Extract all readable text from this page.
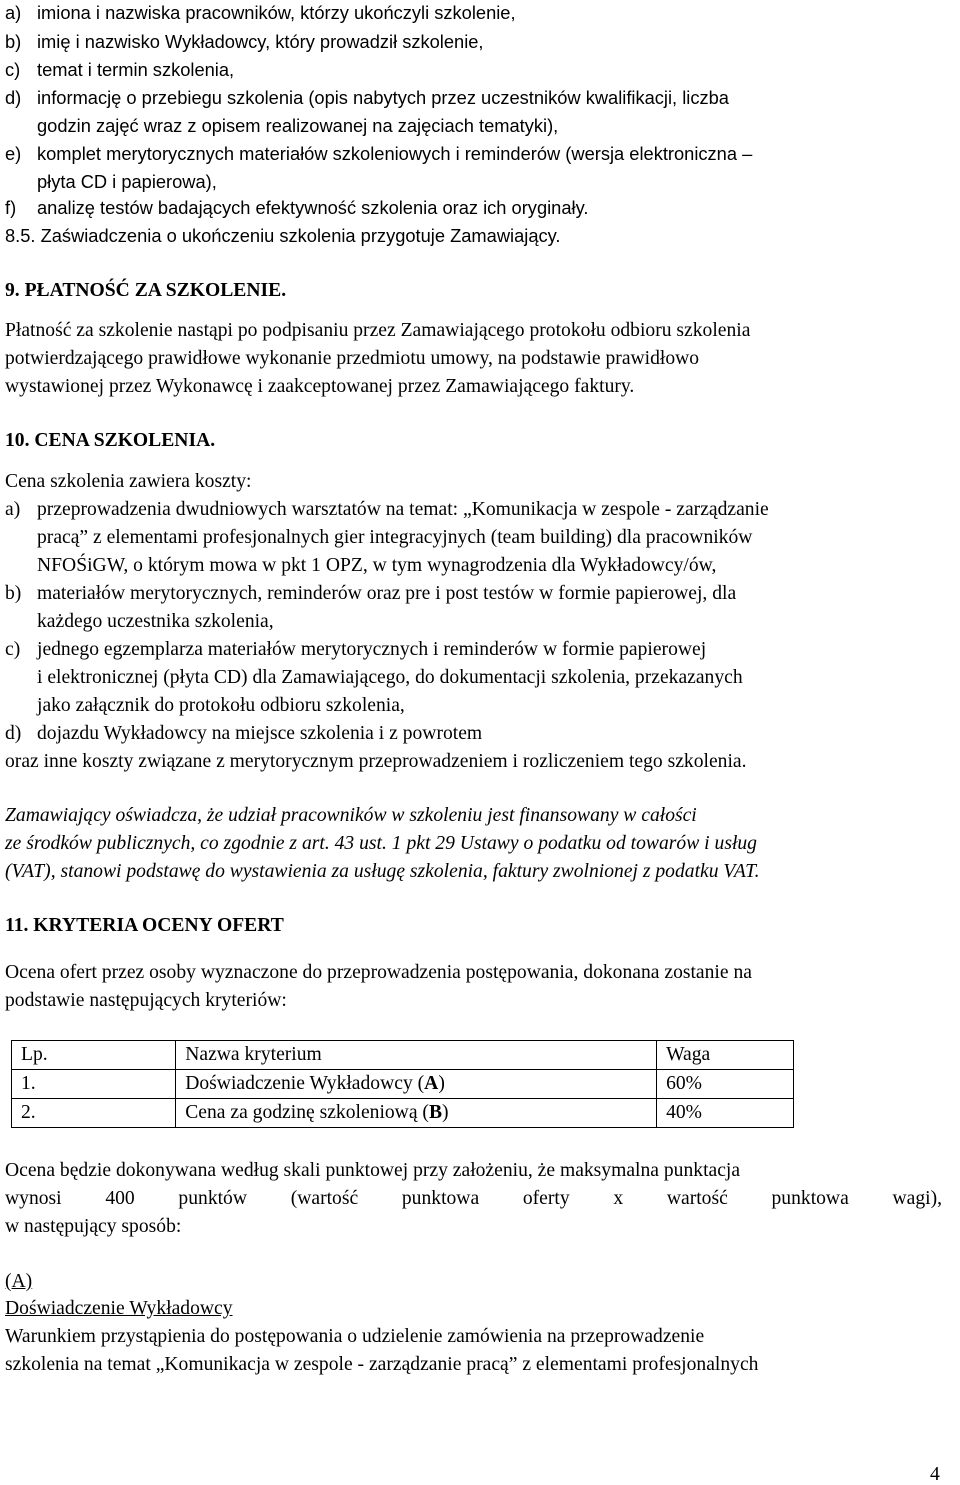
a) imiona i nazwiska pracowników, którzy ukończyli szkolenie,
b) imię i nazwisko Wykładowcy, który prowadził szkolenie,
c) temat i termin szkolenia,
d) informację o przebiegu szkolenia (opis nabytych przez uczestników kwalifikacji, liczba
godzin zajęć wraz z opisem realizowanej na zajęciach tematyki),
e) komplet merytorycznych materiałów szkoleniowych i reminderów (wersja elektroniczna –
płyta CD i papierowa),
f) analizę testów badających efektywność szkolenia oraz ich oryginały.
8.5. Zaświadczenia o ukończeniu szkolenia przygotuje Zamawiający.
9. PŁATNOŚĆ ZA SZKOLENIE.
Płatność za szkolenie nastąpi po podpisaniu przez Zamawiającego protokołu odbioru szkolenia
potwierdzającego prawidłowe wykonanie przedmiotu umowy, na podstawie prawidłowo
wystawionej przez Wykonawcę i zaakceptowanej przez Zamawiającego faktury.
10. CENA SZKOLENIA.
Cena szkolenia zawiera koszty:
a) przeprowadzenia dwudniowych warsztatów na temat: „Komunikacja w zespole - zarządzanie
pracą” z elementami profesjonalnych gier integracyjnych (team building) dla pracowników
NFOŚiGW, o którym mowa w pkt 1 OPZ, w tym wynagrodzenia dla Wykładowcy/ów,
b) materiałów merytorycznych, reminderów oraz pre i post testów w formie papierowej, dla
każdego uczestnika szkolenia,
c) jednego egzemplarza materiałów merytorycznych i reminderów w formie papierowej
i elektronicznej (płyta CD) dla Zamawiającego, do dokumentacji szkolenia, przekazanych
jako załącznik do protokołu odbioru szkolenia,
d) dojazdu Wykładowcy na miejsce szkolenia i z powrotem
oraz inne koszty związane z merytorycznym przeprowadzeniem i rozliczeniem tego szkolenia.
Zamawiający oświadcza, że udział pracowników w szkoleniu jest finansowany w całości
ze środków publicznych, co zgodnie z art. 43 ust. 1 pkt 29 Ustawy o podatku od towarów i usług
(VAT), stanowi podstawę do wystawienia za usługę szkolenia, faktury zwolnionej z podatku VAT.
11. KRYTERIA OCENY OFERT
Ocena ofert przez osoby wyznaczone do przeprowadzenia postępowania, dokonana zostanie na
podstawie następujących kryteriów:
Lp.	Nazwa kryterium	Waga
1.	Doświadczenie Wykładowcy (A)	60%
2.	Cena za godzinę szkoleniową (B)	40%
Ocena będzie dokonywana według skali punktowej przy założeniu, że maksymalna punktacja
wynosi 400 punktów (wartość punktowa oferty x wartość punktowa wagi),
w następujący sposób:
(A)
Doświadczenie Wykładowcy
Warunkiem przystąpienia do postępowania o udzielenie zamówienia na przeprowadzenie
szkolenia na temat „Komunikacja w zespole - zarządzanie pracą” z elementami profesjonalnych
4
